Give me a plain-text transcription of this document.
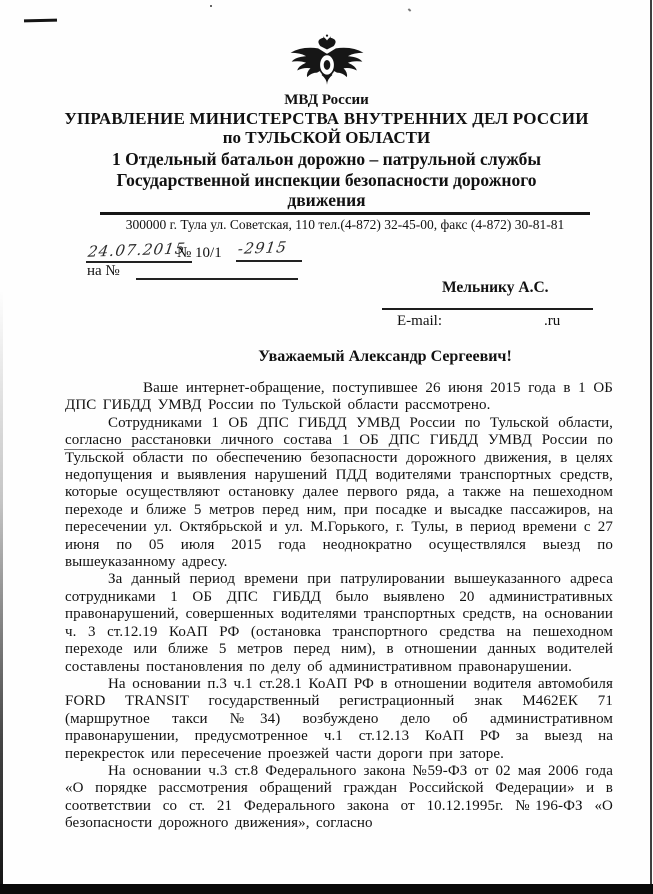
МВД России
УПРАВЛЕНИЕ МИНИСТЕРСТВА ВНУТРЕННИХ ДЕЛ РОССИИ
по ТУЛЬСКОЙ ОБЛАСТИ
1 Отдельный батальон дорожно – патрульной службы
Государственной инспекции безопасности дорожного движения
300000 г. Тула ул. Советская, 110 тел.(4-872) 32-45-00, факс (4-872) 30-81-81
24.07.2015
№ 10/1 -2915
на №
Мельнику А.С.
E-mail:	.ru
Уважаемый Александр Сергеевич!

Ваше интернет-обращение, поступившее 26 июня 2015 года в 1 ОБ ДПС ГИБДД УМВД России по Тульской области рассмотрено.

Сотрудниками 1 ОБ ДПС ГИБДД УМВД России по Тульской области, согласно расстановки личного состава 1 ОБ ДПС ГИБДД УМВД России по Тульской области по обеспечению безопасности дорожного движения, в целях недопущения и выявления нарушений ПДД водителями транспортных средств, которые осуществляют остановку далее первого ряда, а также на пешеходном переходе и ближе 5 метров перед ним, при посадке и высадке пассажиров, на пересечении ул. Октябрьской и ул. М.Горького, г. Тулы, в период времени с 27 июня по 05 июля 2015 года неоднократно осуществлялся выезд по вышеуказанному адресу.

За данный период времени при патрулировании вышеуказанного адреса сотрудниками 1 ОБ ДПС ГИБДД было выявлено 20 административных правонарушений, совершенных водителями транспортных средств, на основании ч. 3 ст.12.19 КоАП РФ (остановка транспортного средства на пешеходном переходе или ближе 5 метров перед ним), в отношении данных водителей составлены постановления по делу об административном правонарушении.

На основании п.3 ч.1 ст.28.1 КоАП РФ в отношении водителя автомобиля FORD TRANSIT государственный регистрационный знак М462ЕК 71 (маршрутное такси №34) возбуждено дело об административном правонарушении, предусмотренное ч.1 ст.12.13 КоАП РФ за выезд на перекресток или пересечение проезжей части дороги при заторе.

На основании ч.3 ст.8 Федерального закона №59-ФЗ от 02 мая 2006 года «О порядке рассмотрения обращений граждан Российской Федерации» и в соответствии со ст. 21 Федерального закона от 10.12.1995г. №196-ФЗ «О безопасности дорожного движения», согласно
